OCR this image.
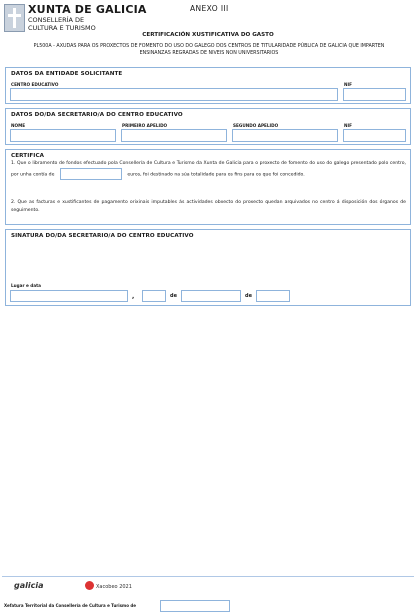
XUNTA DE GALICIA
CONSELLERÍA DE
CULTURA E TURISMO
ANEXO III
CERTIFICACIÓN XUSTIFICATIVA DO GASTO
PL500A - AXUDAS PARA OS PROXECTOS DE FOMENTO DO USO DO GALEGO DOS CENTROS DE TITULARIDADE PÚBLICA DE GALICIA QUE IMPARTEN ENSINANZAS REGRADAS DE NIVEIS NON UNIVERSITARIOS
DATOS DA ENTIDADE SOLICITANTE
CENTRO EDUCATIVO	NIF
DATOS DO/DA SECRETARIO/A DO CENTRO EDUCATIVO
NOME	PRIMEIRO APELIDO	SEGUNDO APELIDO	NIF
CERTIFICA
1. Que o libramento de fondos efectuado pola Consellería de Cultura e Turismo da Xunta de Galicia para o proxecto de fomento do uso do galego presentado polo centro, por unha contía de	euros, foi destinado na súa totalidade para os fins para os que foi concedido.
2. Que as facturas e xustificantes de pagamento orixinais imputables ás actividades obxecto do proxecto quedan arquivados no centro á disposición dos órganos de seguimento.
SINATURA DO/DA SECRETARIO/A DO CENTRO EDUCATIVO
Lugar e data
,	de	de
galicia	Xacobeo 2021
Xefatura Territorial da Consellería de Cultura e Turismo de
